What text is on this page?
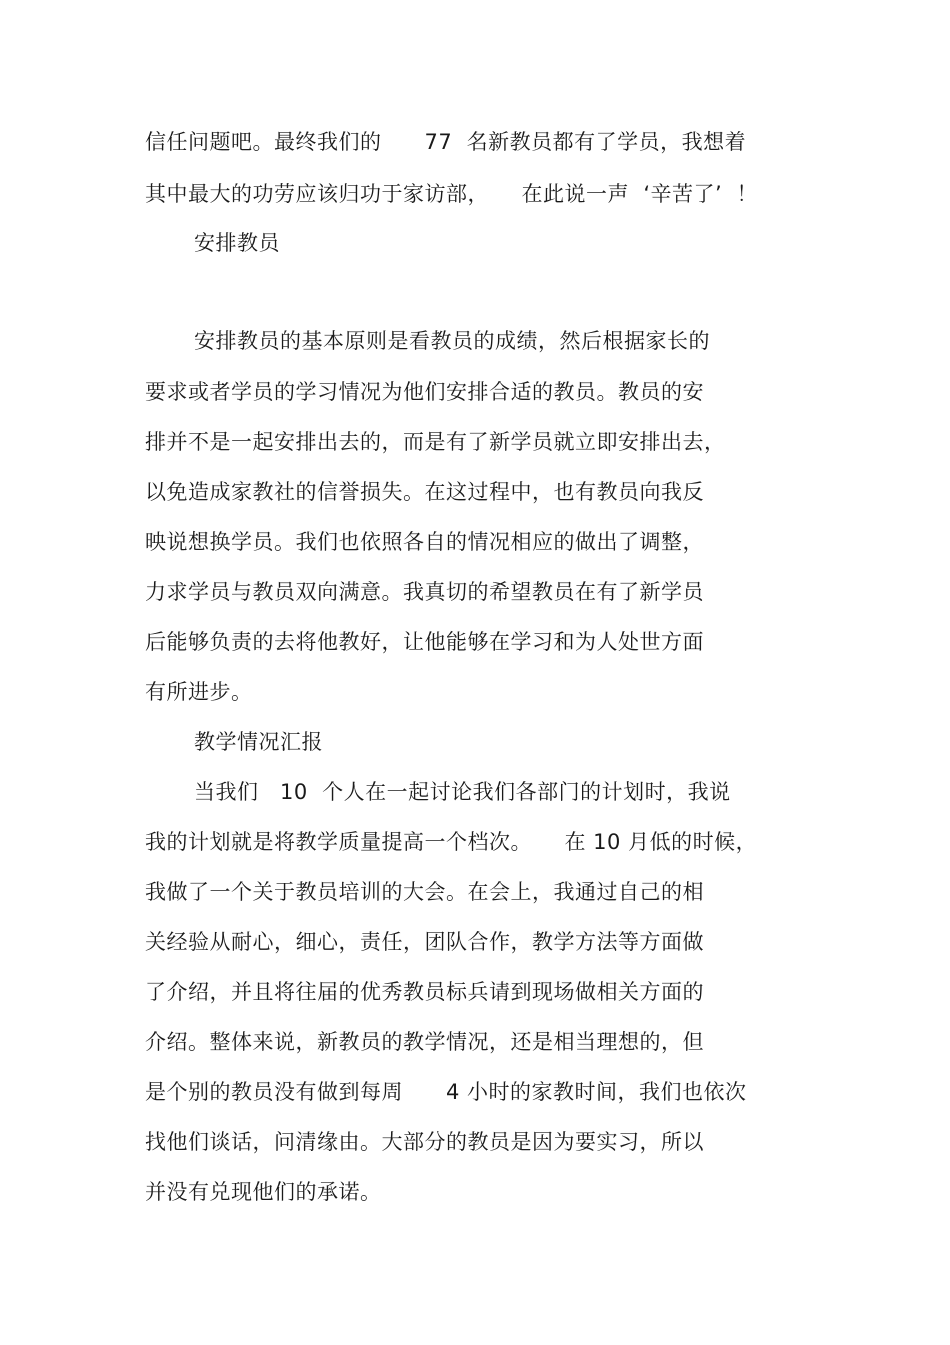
信任问题吧。最终我们的　　77  名新教员都有了学员，我想着
其中最大的功劳应该归功于家访部，　　在此说一声  ‘辛苦了’  ！
安排教员
安排教员的基本原则是看教员的成绩，然后根据家长的
要求或者学员的学习情况为他们安排合适的教员。教员的安
排并不是一起安排出去的，而是有了新学员就立即安排出去，
以免造成家教社的信誉损失。在这过程中，也有教员向我反
映说想换学员。我们也依照各自的情况相应的做出了调整，
力求学员与教员双向满意。我真切的希望教员在有了新学员
后能够负责的去将他教好，让他能够在学习和为人处世方面
有所进步。
教学情况汇报
当我们   10  个人在一起讨论我们各部门的计划时，我说
我的计划就是将教学质量提高一个档次。　　在 10 月低的时候，
我做了一个关于教员培训的大会。在会上，我通过自己的相
关经验从耐心，细心，责任，团队合作，教学方法等方面做
了介绍，并且将往届的优秀教员标兵请到现场做相关方面的
介绍。整体来说，新教员的教学情况，还是相当理想的，但
是个别的教员没有做到每周　　4 小时的家教时间，我们也依次
找他们谈话，问清缘由。大部分的教员是因为要实习，所以
并没有兑现他们的承诺。
